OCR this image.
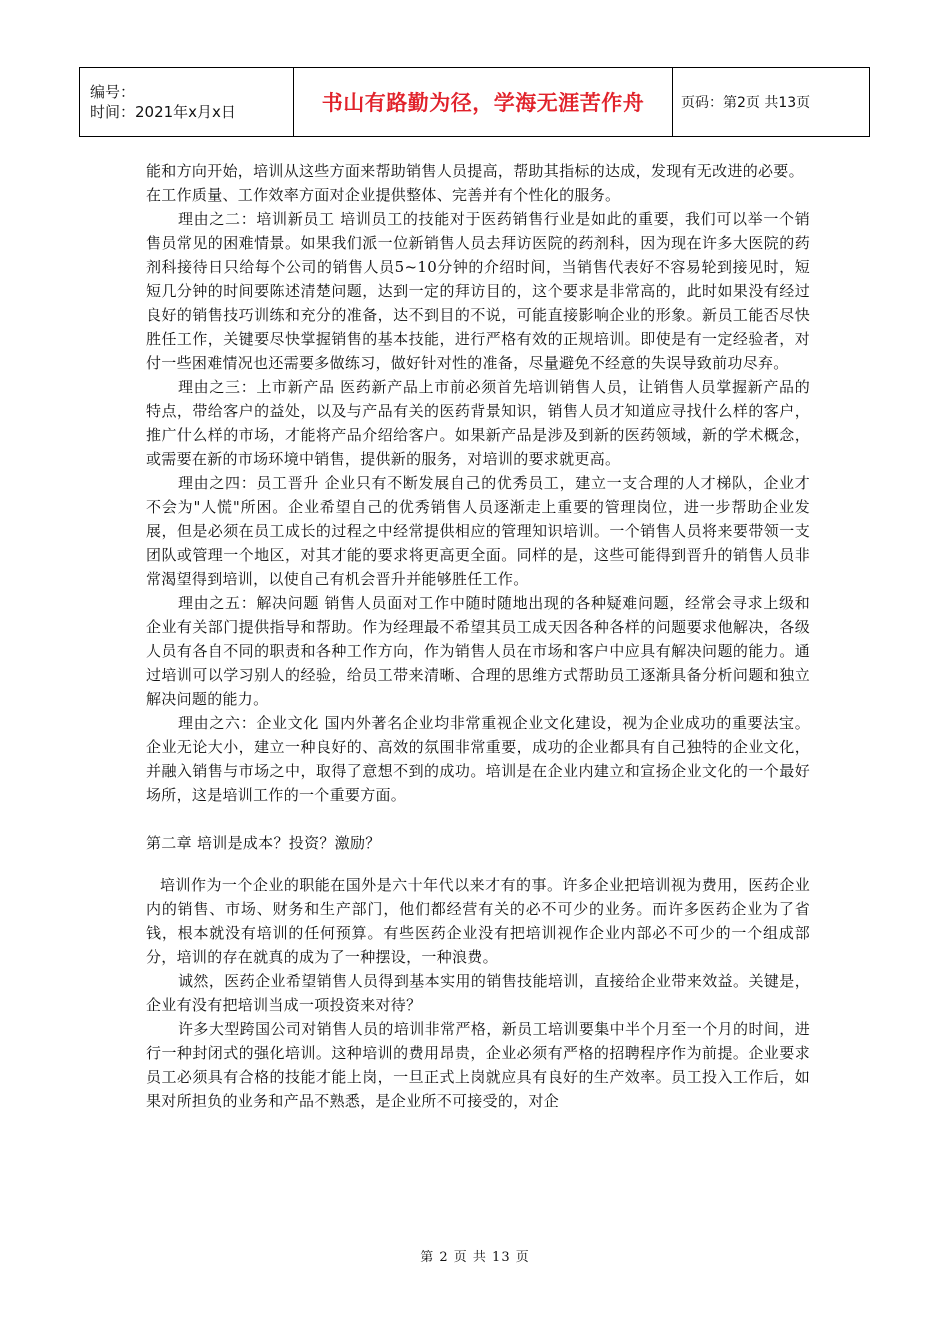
编号：
时间：2021年x月x日	书山有路勤为径，学海无涯苦作舟	页码：第2页 共13页

能和方向开始，培训从这些方面来帮助销售人员提高，帮助其指标的达成，发现有无改进的必要。

在工作质量、工作效率方面对企业提供整体、完善并有个性化的服务。

理由之二：培训新员工 培训员工的技能对于医药销售行业是如此的重要，我们可以举一个销售员常见的困难情景。如果我们派一位新销售人员去拜访医院的药剂科，因为现在许多大医院的药剂科接待日只给每个公司的销售人员5~10分钟的介绍时间，当销售代表好不容易轮到接见时，短短几分钟的时间要陈述清楚问题，达到一定的拜访目的，这个要求是非常高的，此时如果没有经过良好的销售技巧训练和充分的准备，达不到目的不说，可能直接影响企业的形象。新员工能否尽快胜任工作，关键要尽快掌握销售的基本技能，进行严格有效的正规培训。即使是有一定经验者，对付一些困难情况也还需要多做练习，做好针对性的准备，尽量避免不经意的失误导致前功尽弃。

理由之三：上市新产品 医药新产品上市前必须首先培训销售人员，让销售人员掌握新产品的特点，带给客户的益处，以及与产品有关的医药背景知识，销售人员才知道应寻找什么样的客户，推广什么样的市场，才能将产品介绍给客户。如果新产品是涉及到新的医药领域，新的学术概念，或需要在新的市场环境中销售，提供新的服务，对培训的要求就更高。

理由之四：员工晋升 企业只有不断发展自己的优秀员工，建立一支合理的人才梯队，企业才不会为"人慌"所困。企业希望自己的优秀销售人员逐渐走上重要的管理岗位，进一步帮助企业发展，但是必须在员工成长的过程之中经常提供相应的管理知识培训。一个销售人员将来要带领一支团队或管理一个地区，对其才能的要求将更高更全面。同样的是，这些可能得到晋升的销售人员非常渴望得到培训，以使自己有机会晋升并能够胜任工作。

理由之五：解决问题 销售人员面对工作中随时随地出现的各种疑难问题，经常会寻求上级和企业有关部门提供指导和帮助。作为经理最不希望其员工成天因各种各样的问题要求他解决，各级人员有各自不同的职责和各种工作方向，作为销售人员在市场和客户中应具有解决问题的能力。通过培训可以学习别人的经验，给员工带来清晰、合理的思维方式帮助员工逐渐具备分析问题和独立解决问题的能力。

理由之六：企业文化 国内外著名企业均非常重视企业文化建设，视为企业成功的重要法宝。企业无论大小，建立一种良好的、高效的氛围非常重要，成功的企业都具有自己独特的企业文化，并融入销售与市场之中，取得了意想不到的成功。培训是在企业内建立和宣扬企业文化的一个最好场所，这是培训工作的一个重要方面。

第二章 培训是成本？投资？激励？

培训作为一个企业的职能在国外是六十年代以来才有的事。许多企业把培训视为费用，医药企业内的销售、市场、财务和生产部门，他们都经营有关的必不可少的业务。而许多医药企业为了省钱，根本就没有培训的任何预算。有些医药企业没有把培训视作企业内部必不可少的一个组成部分，培训的存在就真的成为了一种摆设，一种浪费。

诚然，医药企业希望销售人员得到基本实用的销售技能培训，直接给企业带来效益。关键是，企业有没有把培训当成一项投资来对待？

许多大型跨国公司对销售人员的培训非常严格，新员工培训要集中半个月至一个月的时间，进行一种封闭式的强化培训。这种培训的费用昂贵，企业必须有严格的招聘程序作为前提。企业要求员工必须具有合格的技能才能上岗，一旦正式上岗就应具有良好的生产效率。员工投入工作后，如果对所担负的业务和产品不熟悉，是企业所不可接受的，对企

第 2 页 共 13 页
